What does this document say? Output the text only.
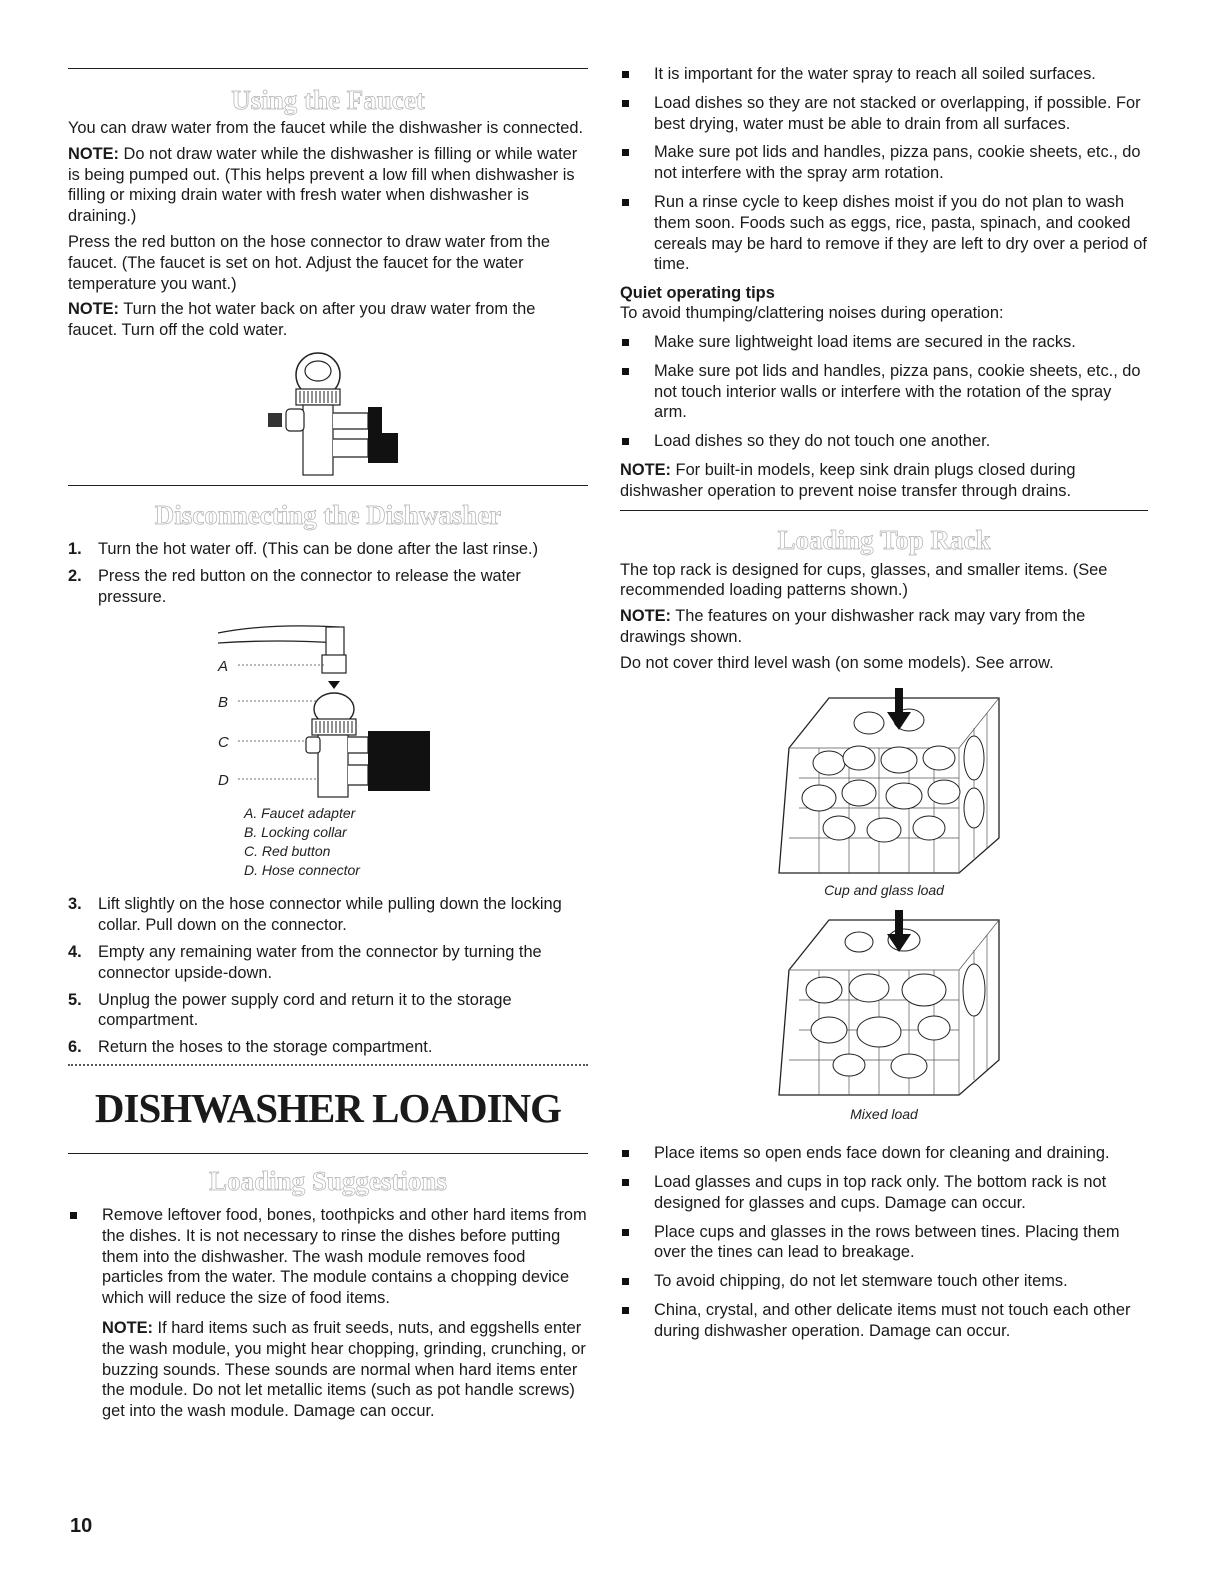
Using the Faucet

You can draw water from the faucet while the dishwasher is connected.

NOTE: Do not draw water while the dishwasher is filling or while water is being pumped out. (This helps prevent a low fill when dishwasher is filling or mixing drain water with fresh water when dishwasher is draining.)

Press the red button on the hose connector to draw water from the faucet. (The faucet is set on hot. Adjust the faucet for the water temperature you want.)

NOTE: Turn the hot water back on after you draw water from the faucet. Turn off the cold water.

Disconnecting the Dishwasher
1. Turn the hot water off. (This can be done after the last rinse.)
2. Press the red button on the connector to release the water pressure.
A
B
C
D
A. Faucet adapter
B. Locking collar
C. Red button
D. Hose connector
3. Lift slightly on the hose connector while pulling down the locking collar. Pull down on the connector.
4. Empty any remaining water from the connector by turning the connector upside-down.
5. Unplug the power supply cord and return it to the storage compartment.
6. Return the hoses to the storage compartment.
DISHWASHER LOADING
Loading Suggestions
Remove leftover food, bones, toothpicks and other hard items from the dishes. It is not necessary to rinse the dishes before putting them into the dishwasher. The wash module removes food particles from the water. The module contains a chopping device which will reduce the size of food items.
NOTE: If hard items such as fruit seeds, nuts, and eggshells enter the wash module, you might hear chopping, grinding, crunching, or buzzing sounds. These sounds are normal when hard items enter the module. Do not let metallic items (such as pot handle screws) get into the wash module. Damage can occur.
It is important for the water spray to reach all soiled surfaces.
Load dishes so they are not stacked or overlapping, if possible. For best drying, water must be able to drain from all surfaces.
Make sure pot lids and handles, pizza pans, cookie sheets, etc., do not interfere with the spray arm rotation.
Run a rinse cycle to keep dishes moist if you do not plan to wash them soon. Foods such as eggs, rice, pasta, spinach, and cooked cereals may be hard to remove if they are left to dry over a period of time.
Quiet operating tips

To avoid thumping/clattering noises during operation:

Make sure lightweight load items are secured in the racks.
Make sure pot lids and handles, pizza pans, cookie sheets, etc., do not touch interior walls or interfere with the rotation of the spray arm.
Load dishes so they do not touch one another.

NOTE: For built-in models, keep sink drain plugs closed during dishwasher operation to prevent noise transfer through drains.

Loading Top Rack

The top rack is designed for cups, glasses, and smaller items. (See recommended loading patterns shown.)

NOTE: The features on your dishwasher rack may vary from the drawings shown.

Do not cover third level wash (on some models). See arrow.

Cup and glass load

Mixed load

Place items so open ends face down for cleaning and draining.
Load glasses and cups in top rack only. The bottom rack is not designed for glasses and cups. Damage can occur.
Place cups and glasses in the rows between tines. Placing them over the tines can lead to breakage.
To avoid chipping, do not let stemware touch other items.
China, crystal, and other delicate items must not touch each other during dishwasher operation. Damage can occur.
10
